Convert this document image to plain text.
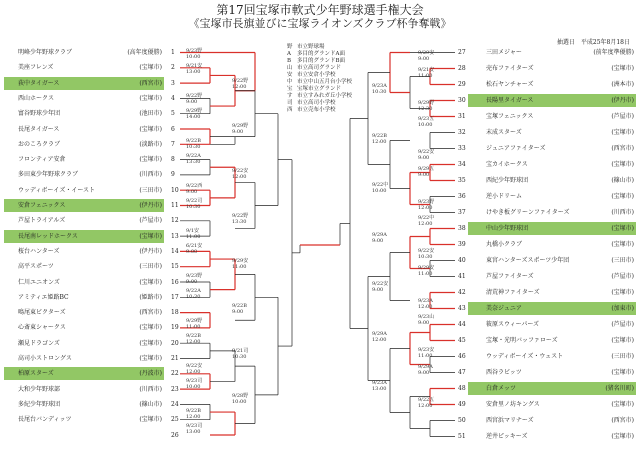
第17回宝塚市軟式少年野球選手権大会
《宝塚市長旗並びに宝塚ライオンズクラブ杯争奪戦》
抽選日　平成25年8月18日
野 市立野球場
A 多目的グランドA面
B 多目的グランドB面
山 市立高司グランド
安 市立安倉小学校
中 市立中山五月台小学校
宝 宝塚市立グランド
す 市立すみれガ丘小学校
司 市立高司小学校
西 市立売布小学校
明峰少年野球クラブ	(高年度優勝) 1
美座フレンズ	(宝塚市) 2
荻中タイガース	(西宮市) 3
西山ホークス	(宝塚市) 4
富谷野球少年団	(池田市) 5
長尾タイガース	(宝塚市) 6
おのころクラブ	(淡路市) 7
フロンティア安倉	(宝塚市) 8
多田東少年野球クラブ	(川西市) 9
ウッディボーイズ・イースト	(三田市) 10
安倉フェニックス	(伊丹市) 11
芦屋トライアルズ	(芦屋市) 12
長尾南レッドホークス	(宝塚市) 13
桜台ハンターズ	(伊丹市) 14
高平スポーツ	(三田市) 15
仁川ユニオンズ	(宝塚市) 16
アミティエ姫路BC	(姫路市) 17
鳴尾東ビクターズ	(西宮市) 18
心斎東シャークス	(宝塚市) 19
瀬見ドラゴンズ	(宝塚市) 20
高司小ストロングス	(宝塚市) 21
柏原スターズ	(丹波市) 22
大和少年野球部	(川西市) 23
多紀少年野球団	(篠山市) 24
長尾台バンディッツ	(宝塚市) 25
26
三田メジャー	(前年度準優勝)
27
売布ファイターズ	(宝塚市)
28
松石ヤンチャーズ	(洲本市)
29
長陽里タイガース	(伊丹市)
30
宝塚フェニックス	(芦屋市)
31
末成スターズ	(宝塚市)
32
ジュニアファイターズ	(西宮市)
33
宝カイホークス	(宝塚市)
34
西紀少年野球団	(篠山市)
35
逆小ドリーム	(宝塚市)
36
けやき板グリーンファイターズ	(川西市)
37
中山少年野球団	(宝塚市)
38
丸橋小クラブ	(宝塚市)
39
東宮ハンターズスポーツ少年団	(三田市)
40
芦屋ファイターズ	(芦屋市)
41
清荒神ファイターズ	(宝塚市)
42
美奈ジュニア	(加東市)
43
筱原スウィーパーズ	(芦屋市)
44
宝塚・光明バッファローズ	(宝塚市)
45
ウッディボーイズ・ウェスト	(三田市)
46
西谷ラビッツ	(宝塚市)
47
白倉メッツ	(猪名川町)
48
安倉里ノ坊キングス	(宝塚市)
49
西宮浜マリナーズ	(西宮市)
50
逆井ピッキーズ	(宝塚市)
51
9/23野
10:00
9/21安
13:00
9/22野
12:00
9/22野
9:00
9/29野
14:00
9/29野
9:00
9/22B
10:30
9/22A
13:30
9/22安
12:00
9/22西
9:00
9/22司
10:30
9/22野
13:30
9/1安
11:00
6/21安
9:00
9/29安
11:00
9/23野
9:00
9/22A
10:30
9/22B
9:00
9/29野
11:00
9/22B
12:00
9/21司
10:30
9/22安
12:00
9/23司
10:00
9/28野
10:00
9/22B
12:00
9/23司
13:00
9/29安
9:00
9/21安
11:00
9/23A
10:30
9/29野
12:30
9/23五
10:00
9/22B
12:00
9/22安
9:00
9/29五
9:00
9/22中
10:00
9/23野
12:00
9/22中
12:00
9/29A
9:00
9/22安
10:30
9/29安
11:00
9/22安
9:00
9/23A
12:00
9/23山
9:00
9/29A
12:00
9/23安
11:00
9/29A
9:00
9/23A
13:00
9/22五
12:00
